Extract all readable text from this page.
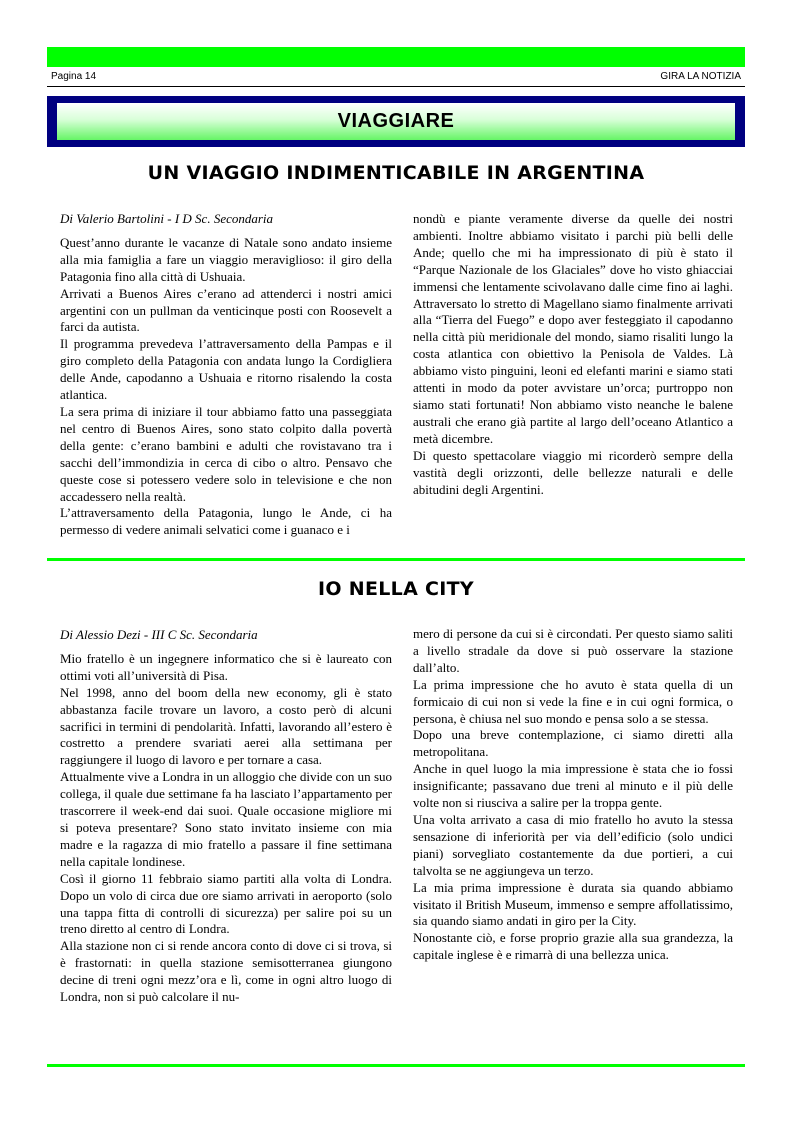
Pagina 14	GIRA LA NOTIZIA
VIAGGIARE
UN VIAGGIO INDIMENTICABILE IN ARGENTINA

Di Valerio Bartolini - I D Sc. Secondaria

Quest’anno durante le vacanze di Natale sono andato insieme alla mia famiglia a fare un viaggio meraviglioso: il giro della Patagonia fino alla città di Ushuaia.

Arrivati a Buenos Aires c’erano ad attenderci i nostri amici argentini con un pullman da venticinque posti con Roosevelt a farci da autista.

Il programma prevedeva l’attraversamento della Pampas e il giro completo della Patagonia con andata lungo la Cordigliera delle Ande, capodanno a Ushuaia e ritorno risalendo la costa atlantica.

La sera prima di iniziare il tour abbiamo fatto una passeggiata nel centro di Buenos Aires, sono stato colpito dalla povertà della gente: c’erano bambini e adulti che rovistavano tra i sacchi dell’immondizia in cerca di cibo o altro. Pensavo che queste cose si potessero vedere solo in televisione e che non accadessero nella realtà.

L’attraversamento della Patagonia, lungo le Ande, ci ha permesso di vedere animali selvatici come i guanaco e i

nondù e piante veramente diverse da quelle dei nostri ambienti. Inoltre abbiamo visitato i parchi più belli delle Ande; quello che mi ha impressionato di più è stato il “Parque Nazionale de los Glaciales” dove ho visto ghiacciai immensi che lentamente scivolavano dalle cime fino ai laghi. Attraversato lo stretto di Magellano siamo finalmente arrivati alla “Tierra del Fuego” e dopo aver festeggiato il capodanno nella città più meridionale del mondo, siamo risaliti lungo la costa atlantica con obiettivo la Penisola de Valdes. Là abbiamo visto pinguini, leoni ed elefanti marini e siamo stati attenti in modo da poter avvistare un’orca; purtroppo non siamo stati fortunati! Non abbiamo visto neanche le balene australi che erano già partite al largo dell’oceano Atlantico a metà dicembre.

Di questo spettacolare viaggio mi ricorderò sempre della vastità degli orizzonti, delle bellezze naturali e delle abitudini degli Argentini.

IO NELLA CITY

Di Alessio Dezi - III C Sc. Secondaria

Mio fratello è un ingegnere informatico che si è laureato con ottimi voti all’università di Pisa.

Nel 1998, anno del boom della new economy, gli è stato abbastanza facile trovare un lavoro, a costo però di alcuni sacrifici in termini di pendolarità. Infatti, lavorando all’estero è costretto a prendere svariati aerei alla settimana per raggiungere il luogo di lavoro e per tornare a casa.

Attualmente vive a Londra in un alloggio che divide con un suo collega, il quale due settimane fa ha lasciato l’appartamento per trascorrere il week-end dai suoi. Quale occasione migliore mi si poteva presentare? Sono stato invitato insieme con mia madre e la ragazza di mio fratello a passare il fine settimana nella capitale londinese.

Così il giorno 11 febbraio siamo partiti alla volta di Londra. Dopo un volo di circa due ore siamo arrivati in aeroporto (solo una tappa fitta di controlli di sicurezza) per salire poi su un treno diretto al centro di Londra.

Alla stazione non ci si rende ancora conto di dove ci si trova, si è frastornati: in quella stazione semisotterranea giungono decine di treni ogni mezz’ora e lì, come in ogni altro luogo di Londra, non si può calcolare il nu-

mero di persone da cui si è circondati. Per questo siamo saliti a livello stradale da dove si può osservare la stazione dall’alto.

La prima impressione che ho avuto è stata quella di un formicaio di cui non si vede la fine e in cui ogni formica, o persona, è chiusa nel suo mondo e pensa solo a se stessa.

Dopo una breve contemplazione, ci siamo diretti alla metropolitana.

Anche in quel luogo la mia impressione è stata che io fossi insignificante; passavano due treni al minuto e il più delle volte non si riusciva a salire per la troppa gente.

Una volta arrivato a casa di mio fratello ho avuto la stessa sensazione di inferiorità per via dell’edificio (solo undici piani) sorvegliato costantemente da due portieri, a cui talvolta se ne aggiungeva un terzo.

La mia prima impressione è durata sia quando abbiamo visitato il British Museum, immenso e sempre affollatissimo, sia quando siamo andati in giro per la City.

Nonostante ciò, e forse proprio grazie alla sua grandezza, la capitale inglese è e rimarrà di una bellezza unica.
